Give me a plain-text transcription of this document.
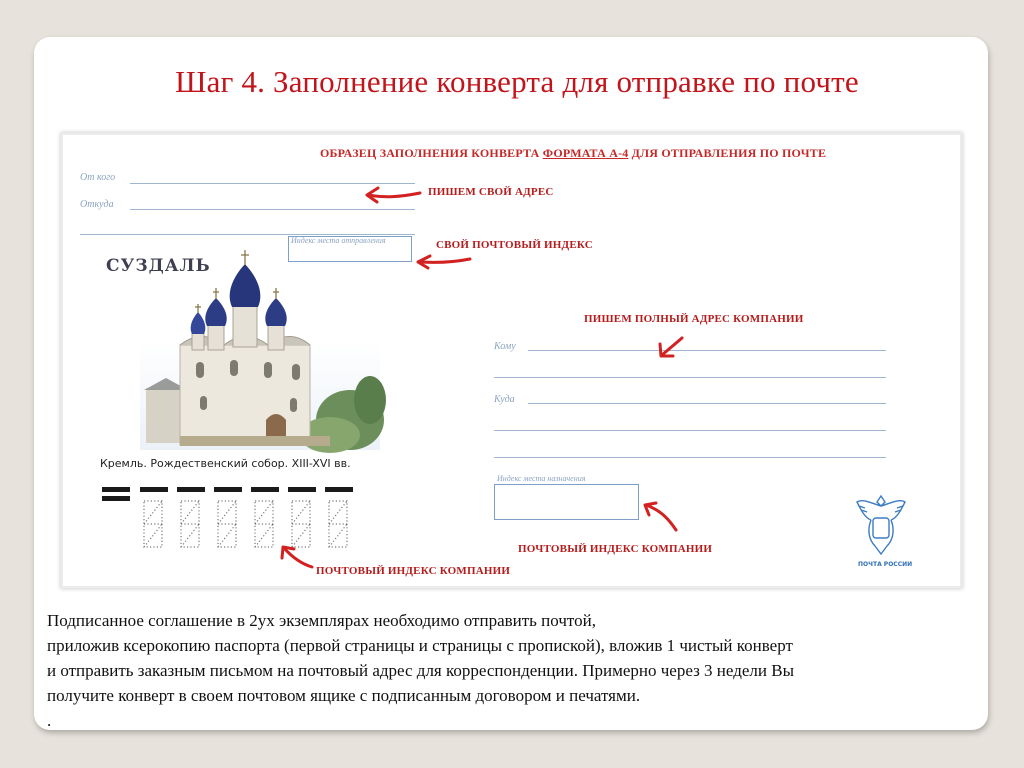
Шаг 4. Заполнение конверта для отправке по почте
ОБРАЗЕЦ ЗАПОЛНЕНИЯ КОНВЕРТА ФОРМАТА А-4 ДЛЯ ОТПРАВЛЕНИЯ ПО ПОЧТЕ
От кого
Откуда
Индекс места отправления
Кому
Куда
Индекс места назначения
СУЗДАЛЬ
Кремль. Рождественский собор. XIII-XVI вв.
ПОЧТА РОССИИ
ПИШЕМ СВОЙ АДРЕС
СВОЙ ПОЧТОВЫЙ ИНДЕКС
ПИШЕМ ПОЛНЫЙ АДРЕС КОМПАНИИ
ПОЧТОВЫЙ ИНДЕКС КОМПАНИИ
ПОЧТОВЫЙ ИНДЕКС КОМПАНИИ
Подписанное соглашение в 2ух экземплярах необходимо отправить почтой,
приложив ксерокопию паспорта (первой страницы и страницы с пропиской), вложив 1 чистый конверт
и отправить заказным письмом на почтовый адрес для корреспонденции. Примерно через 3 недели Вы
получите конверт в своем почтовом ящике с подписанным договором и печатями.
.
